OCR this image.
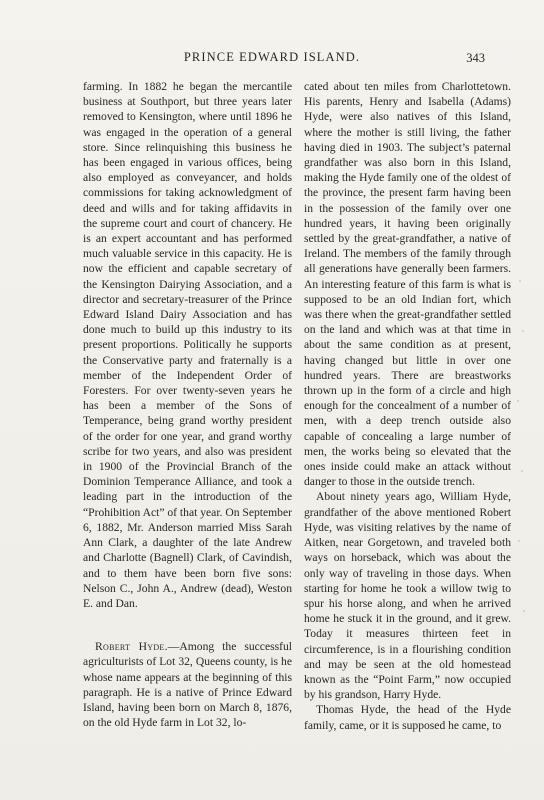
PRINCE EDWARD ISLAND.	343

farming. In 1882 he began the mercantile business at Southport, but three years later removed to Kensington, where until 1896 he was engaged in the operation of a general store. Since relinquishing this business he has been engaged in various offices, being also employed as conveyancer, and holds commissions for taking acknowledgment of deed and wills and for taking affidavits in the supreme court and court of chancery. He is an expert accountant and has performed much valuable service in this capacity. He is now the efficient and capable secretary of the Kensington Dairying Association, and a director and secretary-treasurer of the Prince Edward Island Dairy Association and has done much to build up this industry to its present proportions. Politically he supports the Conservative party and fraternally is a member of the Independent Order of Foresters. For over twenty-seven years he has been a member of the Sons of Temperance, being grand worthy president of the order for one year, and grand worthy scribe for two years, and also was president in 1900 of the Provincial Branch of the Dominion Temperance Alliance, and took a leading part in the introduction of the “Prohibition Act” of that year. On September 6, 1882, Mr. Anderson married Miss Sarah Ann Clark, a daughter of the late Andrew and Charlotte (Bagnell) Clark, of Cavindish, and to them have been born five sons: Nelson C., John A., Andrew (dead), Weston E. and Dan.

Robert Hyde.—Among the successful agriculturists of Lot 32, Queens county, is he whose name appears at the beginning of this paragraph. He is a native of Prince Edward Island, having been born on March 8, 1876, on the old Hyde farm in Lot 32, lo-

cated about ten miles from Charlottetown. His parents, Henry and Isabella (Adams) Hyde, were also natives of this Island, where the mother is still living, the father having died in 1903. The subject’s paternal grandfather was also born in this Island, making the Hyde family one of the oldest of the province, the present farm having been in the possession of the family over one hundred years, it having been originally settled by the great-grandfather, a native of Ireland. The members of the family through all generations have generally been farmers. An interesting feature of this farm is what is supposed to be an old Indian fort, which was there when the great-grandfather settled on the land and which was at that time in about the same condition as at present, having changed but little in over one hundred years. There are breastworks thrown up in the form of a circle and high enough for the concealment of a number of men, with a deep trench outside also capable of concealing a large number of men, the works being so elevated that the ones inside could make an attack without danger to those in the outside trench.

About ninety years ago, William Hyde, grandfather of the above mentioned Robert Hyde, was visiting relatives by the name of Aitken, near Gorgetown, and traveled both ways on horseback, which was about the only way of traveling in those days. When starting for home he took a willow twig to spur his horse along, and when he arrived home he stuck it in the ground, and it grew. Today it measures thirteen feet in circumference, is in a flourishing condition and may be seen at the old homestead known as the “Point Farm,” now occupied by his grandson, Harry Hyde.

Thomas Hyde, the head of the Hyde family, came, or it is supposed he came, to
